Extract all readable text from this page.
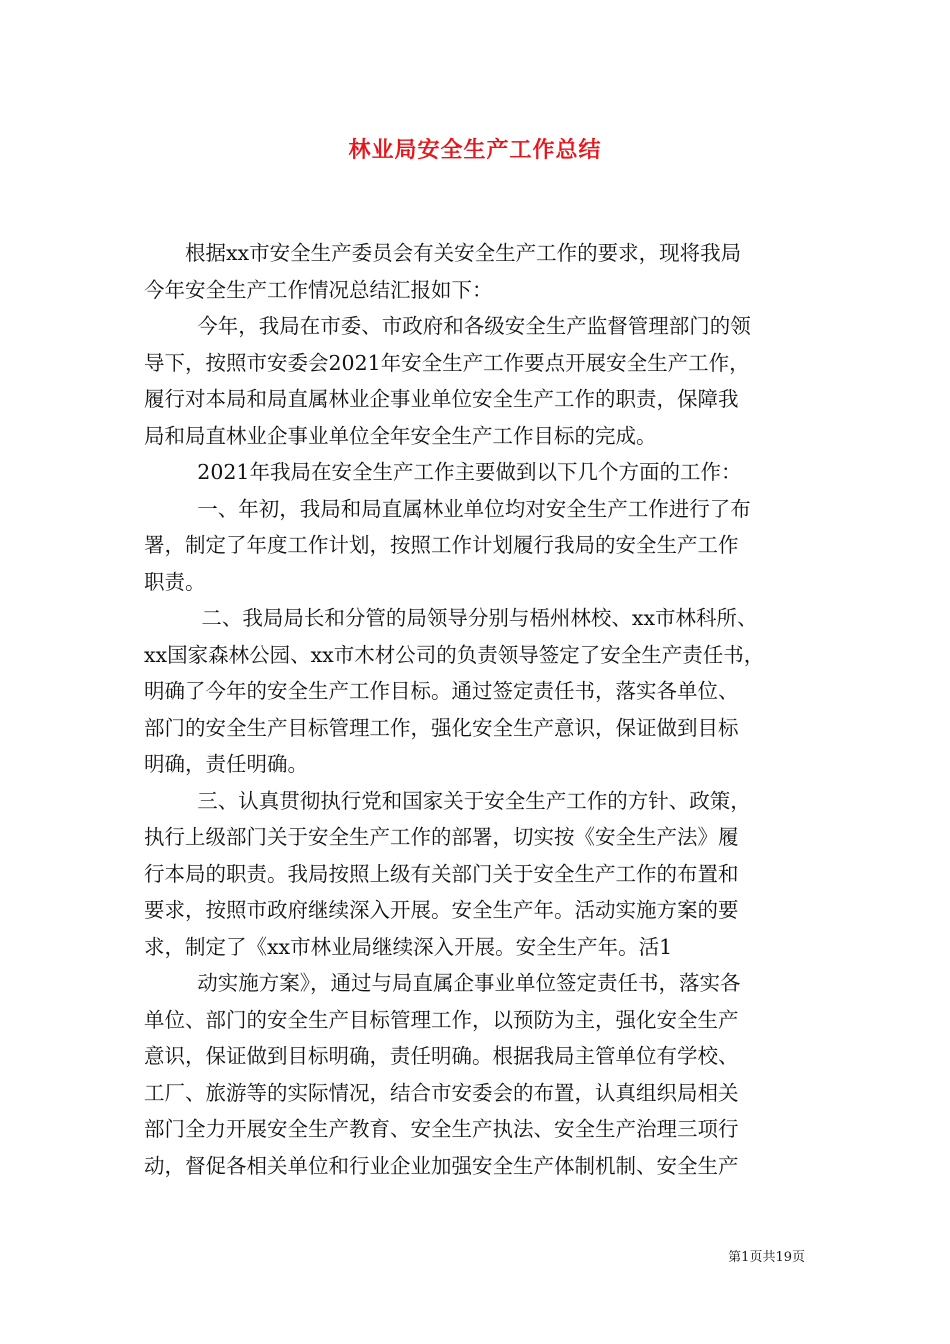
林业局安全生产工作总结
根据xx市安全生产委员会有关安全生产工作的要求，现将我局
今年安全生产工作情况总结汇报如下：
今年，我局在市委、市政府和各级安全生产监督管理部门的领
导下，按照市安委会2021年安全生产工作要点开展安全生产工作，
履行对本局和局直属林业企事业单位安全生产工作的职责，保障我
局和局直林业企事业单位全年安全生产工作目标的完成。
2021年我局在安全生产工作主要做到以下几个方面的工作：
一、年初，我局和局直属林业单位均对安全生产工作进行了布
署，制定了年度工作计划，按照工作计划履行我局的安全生产工作
职责。
二、我局局长和分管的局领导分别与梧州林校、xx市林科所、
xx国家森林公园、xx市木材公司的负责领导签定了安全生产责任书，
明确了今年的安全生产工作目标。通过签定责任书，落实各单位、
部门的安全生产目标管理工作，强化安全生产意识，保证做到目标
明确，责任明确。
三、认真贯彻执行党和国家关于安全生产工作的方针、政策，
执行上级部门关于安全生产工作的部署，切实按《安全生产法》履
行本局的职责。我局按照上级有关部门关于安全生产工作的布置和
要求，按照市政府继续深入开展。安全生产年。活动实施方案的要
求，制定了《xx市林业局继续深入开展。安全生产年。活1
动实施方案》，通过与局直属企事业单位签定责任书，落实各
单位、部门的安全生产目标管理工作，以预防为主，强化安全生产
意识，保证做到目标明确，责任明确。根据我局主管单位有学校、
工厂、旅游等的实际情况，结合市安委会的布置，认真组织局相关
部门全力开展安全生产教育、安全生产执法、安全生产治理三项行
动，督促各相关单位和行业企业加强安全生产体制机制、安全生产
第1页共19页
